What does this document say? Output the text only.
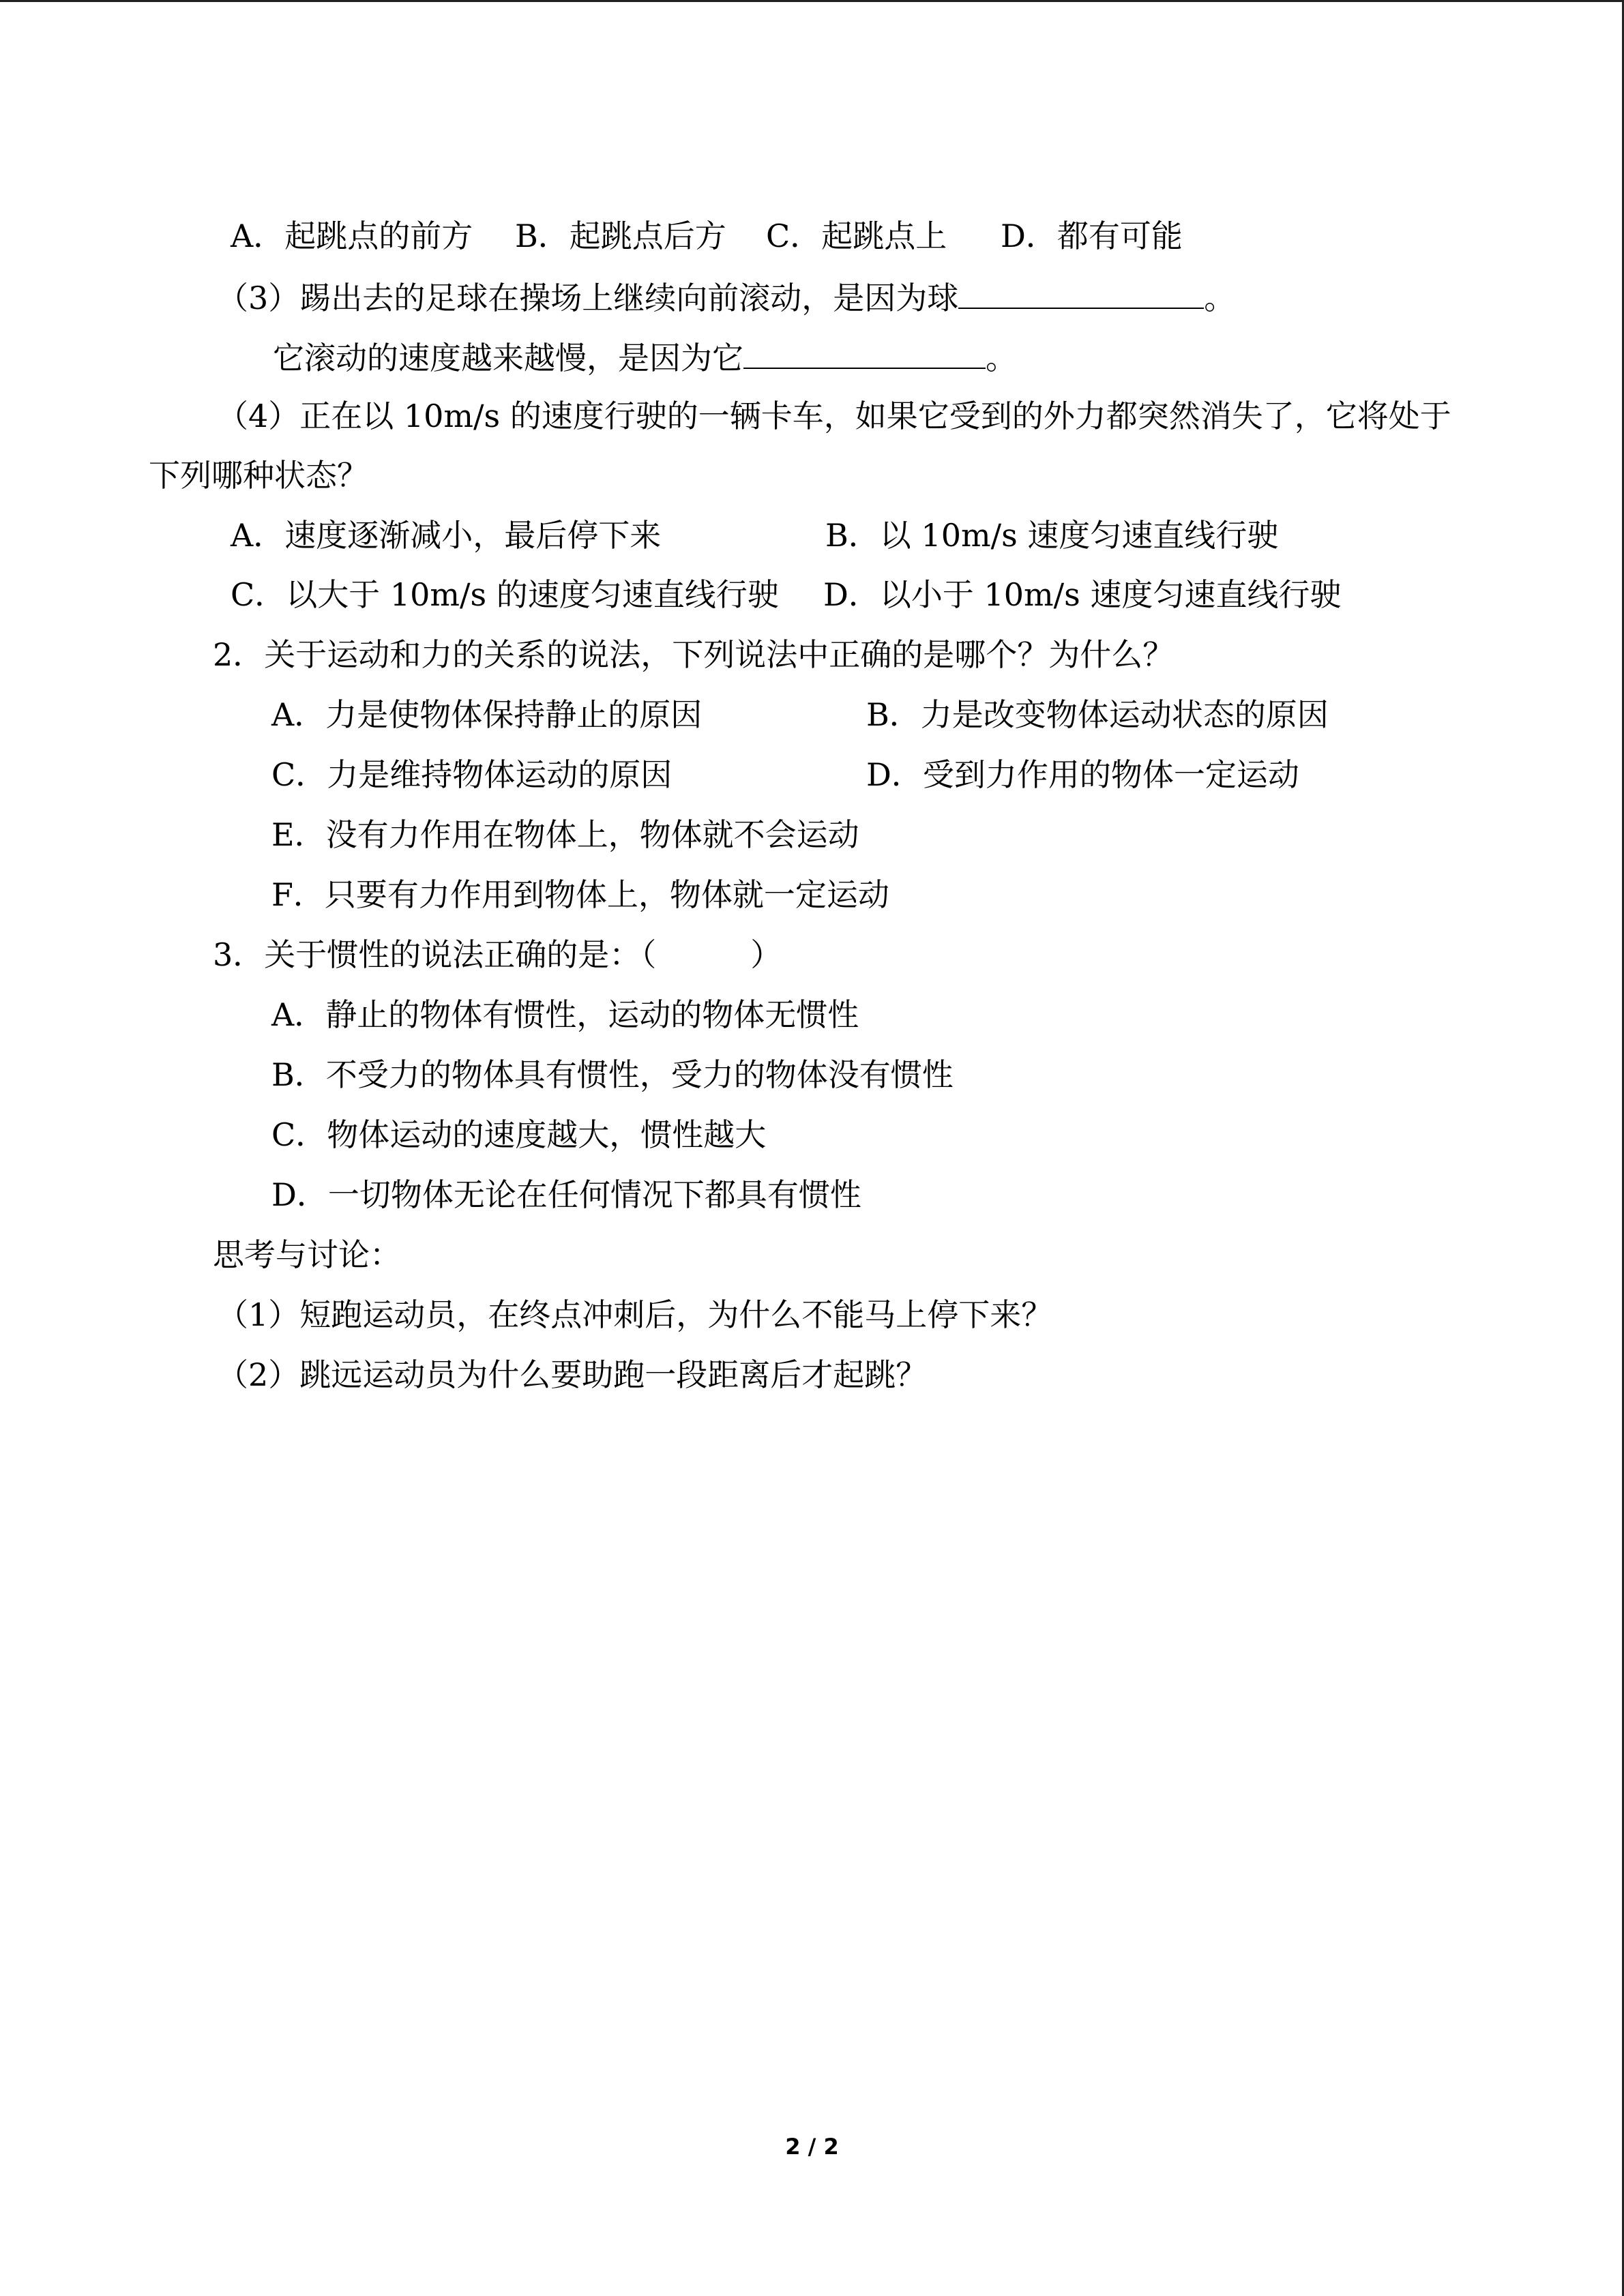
A．起跳点的前方 B．起跳点后方 C．起跳点上 D．都有可能
（3）踢出去的足球在操场上继续向前滚动，是因为球	。
它滚动的速度越来越慢，是因为它	。
（4）正在以 10m/s 的速度行驶的一辆卡车，如果它受到的外力都突然消失了，它将处于
下列哪种状态？
A．速度逐渐减小，最后停下来	B．以 10m/s 速度匀速直线行驶
C．以大于 10m/s 的速度匀速直线行驶 D．以小于 10m/s 速度匀速直线行驶
2．关于运动和力的关系的说法，下列说法中正确的是哪个？为什么？
A．力是使物体保持静止的原因	B．力是改变物体运动状态的原因
C．力是维持物体运动的原因	D．受到力作用的物体一定运动
E．没有力作用在物体上，物体就不会运动
F．只要有力作用到物体上，物体就一定运动
3．关于惯性的说法正确的是：（　　　）
A．静止的物体有惯性，运动的物体无惯性
B．不受力的物体具有惯性，受力的物体没有惯性
C．物体运动的速度越大，惯性越大
D．一切物体无论在任何情况下都具有惯性
思考与讨论：
（1）短跑运动员，在终点冲刺后，为什么不能马上停下来？
（2）跳远运动员为什么要助跑一段距离后才起跳？
2 / 2
